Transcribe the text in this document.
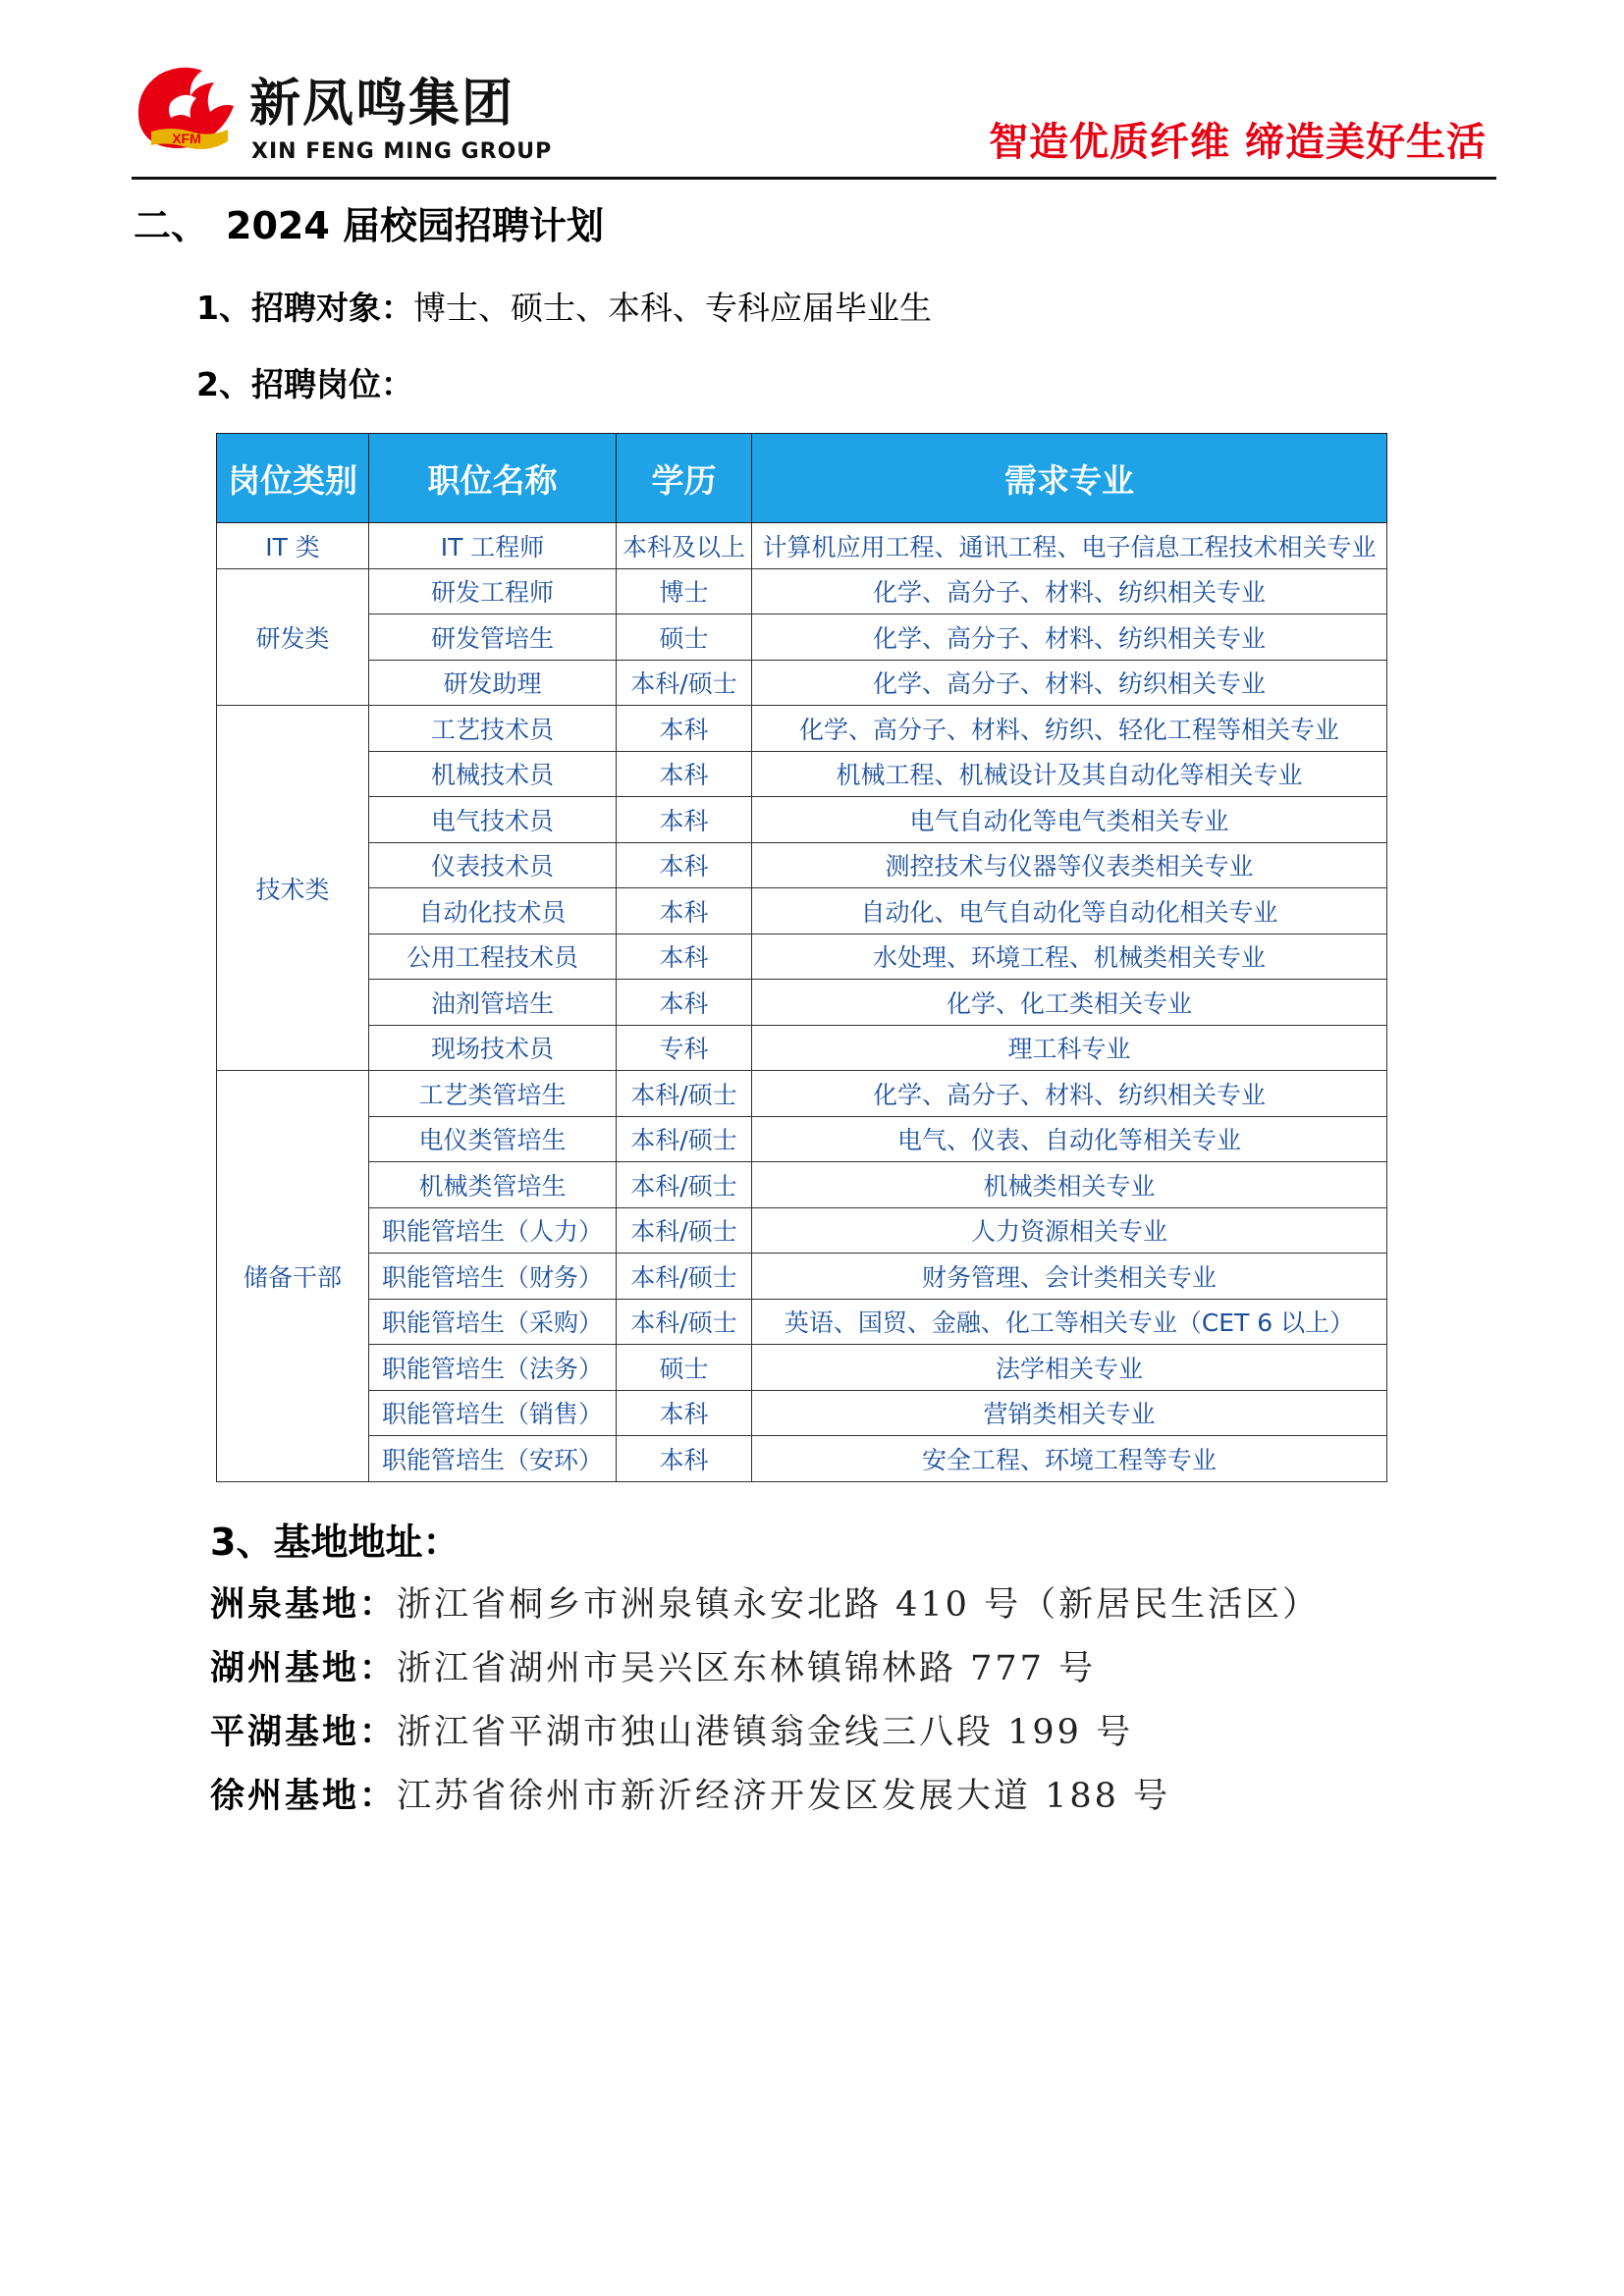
XFM
新凤鸣集团
XIN FENG MING GROUP	智造优质纤维 缔造美好生活
二、 2024 届校园招聘计划
1、招聘对象：博士、硕士、本科、专科应届毕业生
2、招聘岗位：
岗位类别	职位名称	学历	需求专业
IT 类	IT 工程师	本科及以上	计算机应用工程、通讯工程、电子信息工程技术相关专业
研发类	研发工程师	博士	化学、高分子、材料、纺织相关专业
	研发管培生	硕士	化学、高分子、材料、纺织相关专业
	研发助理	本科/硕士	化学、高分子、材料、纺织相关专业
技术类	工艺技术员	本科	化学、高分子、材料、纺织、轻化工程等相关专业
	机械技术员	本科	机械工程、机械设计及其自动化等相关专业
	电气技术员	本科	电气自动化等电气类相关专业
	仪表技术员	本科	测控技术与仪器等仪表类相关专业
	自动化技术员	本科	自动化、电气自动化等自动化相关专业
	公用工程技术员	本科	水处理、环境工程、机械类相关专业
	油剂管培生	本科	化学、化工类相关专业
	现场技术员	专科	理工科专业
储备干部	工艺类管培生	本科/硕士	化学、高分子、材料、纺织相关专业
	电仪类管培生	本科/硕士	电气、仪表、自动化等相关专业
	机械类管培生	本科/硕士	机械类相关专业
	职能管培生（人力）	本科/硕士	人力资源相关专业
	职能管培生（财务）	本科/硕士	财务管理、会计类相关专业
	职能管培生（采购）	本科/硕士	英语、国贸、金融、化工等相关专业（CET 6 以上）
	职能管培生（法务）	硕士	法学相关专业
	职能管培生（销售）	本科	营销类相关专业
	职能管培生（安环）	本科	安全工程、环境工程等专业
3、基地地址：
洲泉基地：浙江省桐乡市洲泉镇永安北路 410 号（新居民生活区）
湖州基地：浙江省湖州市吴兴区东林镇锦林路 777 号
平湖基地：浙江省平湖市独山港镇翁金线三八段 199 号
徐州基地：江苏省徐州市新沂经济开发区发展大道 188 号
